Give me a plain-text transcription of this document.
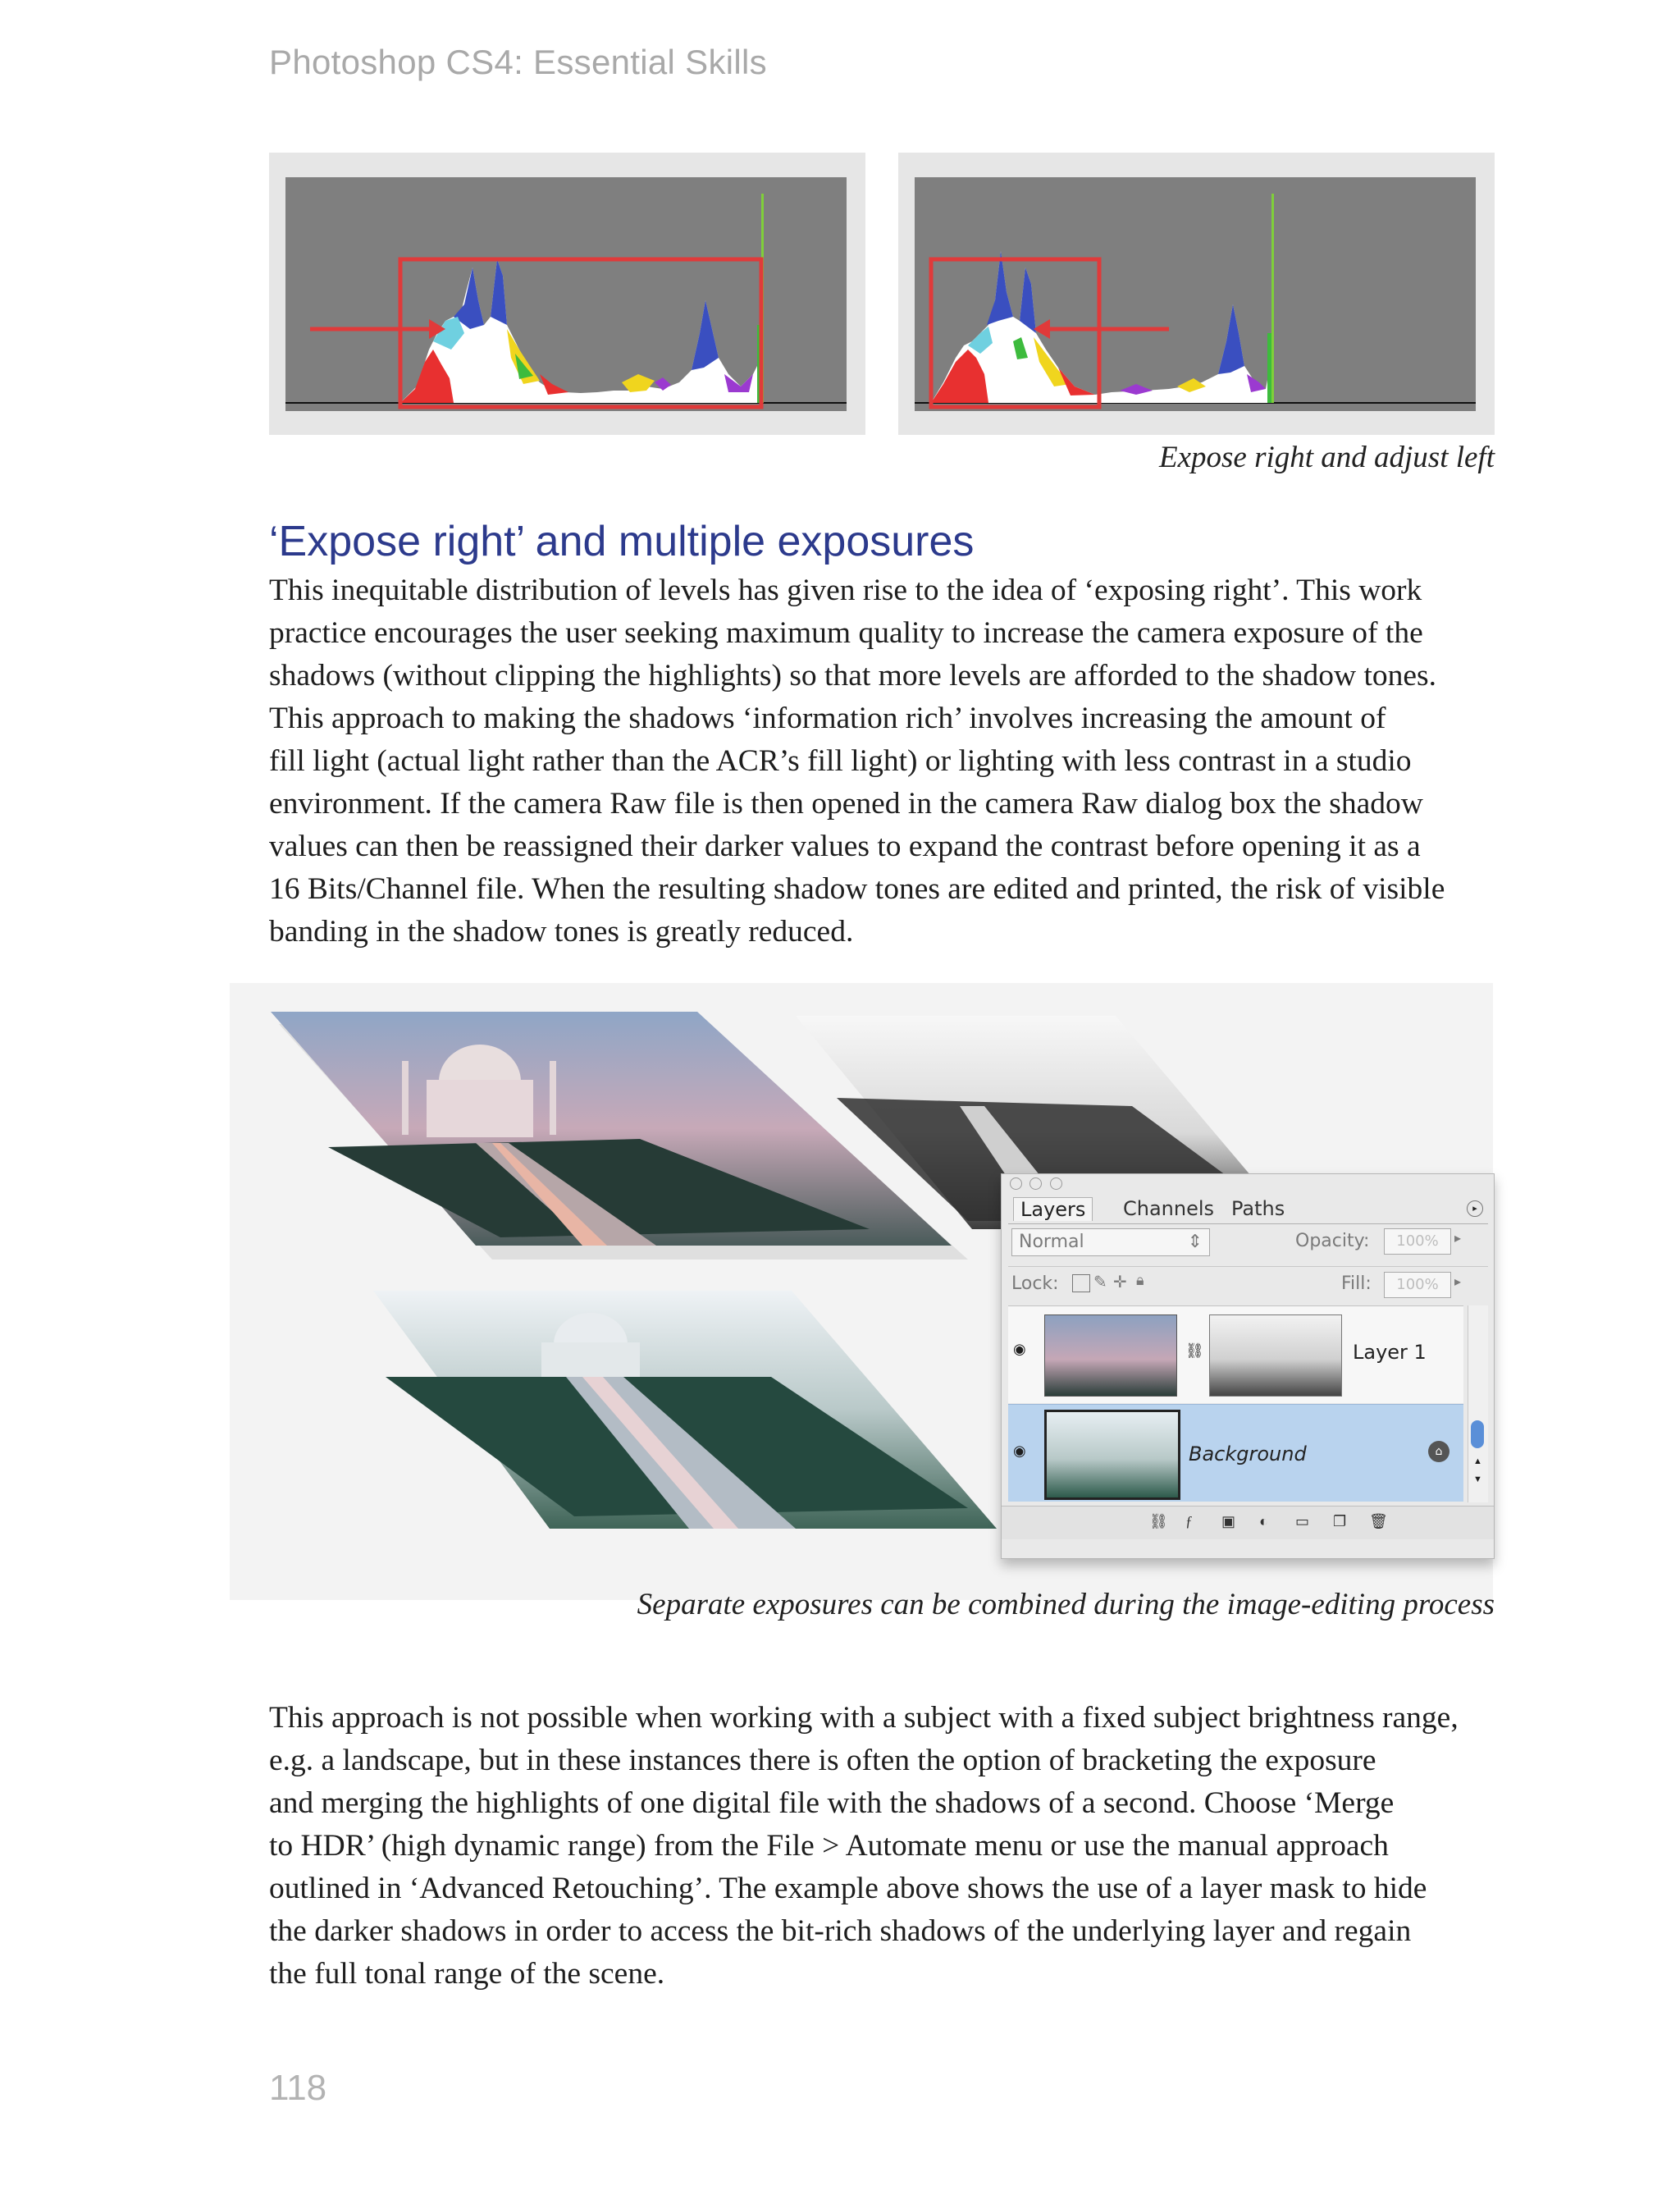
Photoshop CS4: Essential Skills
Expose right and adjust left
‘Expose right’ and multiple exposures
This inequitable distribution of levels has given rise to the idea of ‘exposing right’. This work
practice encourages the user seeking maximum quality to increase the camera exposure of the
shadows (without clipping the highlights) so that more levels are afforded to the shadow tones.
This approach to making the shadows ‘information rich’ involves increasing the amount of
fill light (actual light rather than the ACR’s fill light) or lighting with less contrast in a studio
environment. If the camera Raw file is then opened in the camera Raw dialog box the shadow
values can then be reassigned their darker values to expand the contrast before opening it as a
16 Bits/Channel file. When the resulting shadow tones are edited and printed, the risk of visible
banding in the shadow tones is greatly reduced.

Layers	Channels Paths	▸
Normal	⇕	Opacity:	100%	▸
Lock: ✎ ✛ 🔒︎	Fill:	100%	▸
◉	⛓	Layer 1
◉	Background	⌂
▲
▼
⛓ ƒ ▣ ◐ ▭ ❐ 🗑︎
Separate exposures can be combined during the image-editing process
This approach is not possible when working with a subject with a fixed subject brightness range,
e.g. a landscape, but in these instances there is often the option of bracketing the exposure
and merging the highlights of one digital file with the shadows of a second. Choose ‘Merge
to HDR’ (high dynamic range) from the File > Automate menu or use the manual approach
outlined in ‘Advanced Retouching’. The example above shows the use of a layer mask to hide
the darker shadows in order to access the bit-rich shadows of the underlying layer and regain
the full tonal range of the scene.
118
